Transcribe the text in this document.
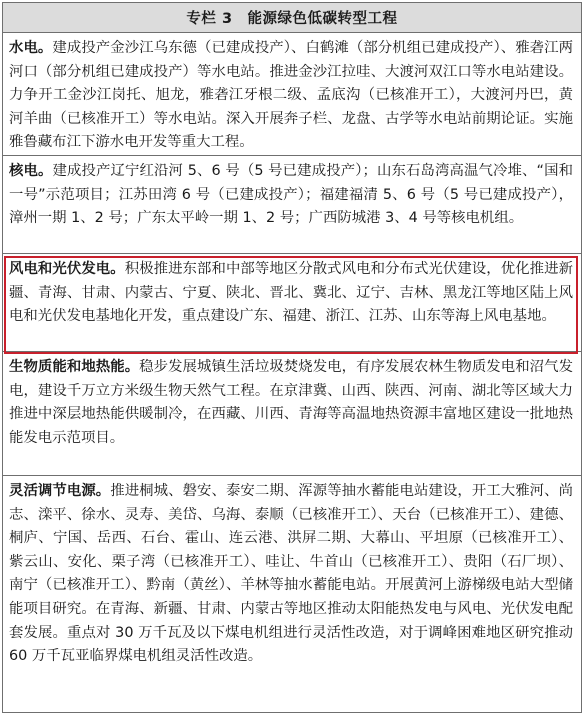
专栏 3　能源绿色低碳转型工程
水电。建成投产金沙江乌东德（已建成投产）、白鹤滩（部分机组已建成投产）、雅砻江两河口（部分机组已建成投产）等水电站。推进金沙江拉哇、大渡河双江口等水电站建设。力争开工金沙江岗托、旭龙，雅砻江牙根二级、孟底沟（已核准开工），大渡河丹巴，黄河羊曲（已核准开工）等水电站。深入开展奔子栏、龙盘、古学等水电站前期论证。实施雅鲁藏布江下游水电开发等重大工程。
核电。建成投产辽宁红沿河 5、6 号（5 号已建成投产）；山东石岛湾高温气冷堆、“国和一号”示范项目；江苏田湾 6 号（已建成投产）；福建福清 5、6 号（5 号已建成投产），漳州一期 1、2 号；广东太平岭一期 1、2 号；广西防城港 3、4 号等核电机组。
风电和光伏发电。积极推进东部和中部等地区分散式风电和分布式光伏建设，优化推进新疆、青海、甘肃、内蒙古、宁夏、陕北、晋北、冀北、辽宁、吉林、黑龙江等地区陆上风电和光伏发电基地化开发，重点建设广东、福建、浙江、江苏、山东等海上风电基地。
生物质能和地热能。稳步发展城镇生活垃圾焚烧发电，有序发展农林生物质发电和沼气发电，建设千万立方米级生物天然气工程。在京津冀、山西、陕西、河南、湖北等区域大力推进中深层地热能供暖制冷，在西藏、川西、青海等高温地热资源丰富地区建设一批地热能发电示范项目。
灵活调节电源。推进桐城、磐安、泰安二期、浑源等抽水蓄能电站建设，开工大雅河、尚志、滦平、徐水、灵寿、美岱、乌海、泰顺（已核准开工）、天台（已核准开工）、建德、桐庐、宁国、岳西、石台、霍山、连云港、洪屏二期、大幕山、平坦原（已核准开工）、紫云山、安化、栗子湾（已核准开工）、哇让、牛首山（已核准开工）、贵阳（石厂坝）、南宁（已核准开工）、黔南（黄丝）、羊林等抽水蓄能电站。开展黄河上游梯级电站大型储能项目研究。在青海、新疆、甘肃、内蒙古等地区推动太阳能热发电与风电、光伏发电配套发展。重点对 30 万千瓦及以下煤电机组进行灵活性改造，对于调峰困难地区研究推动 60 万千瓦亚临界煤电机组灵活性改造。
